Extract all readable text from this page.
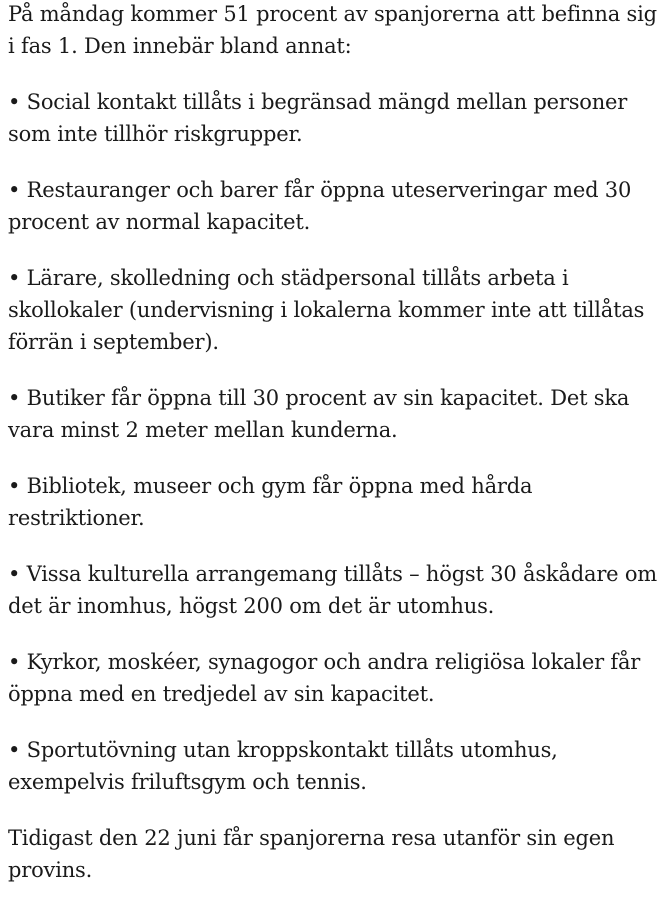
På måndag kommer 51 procent av spanjorerna att befinna sig i fas 1. Den innebär bland annat:

• Social kontakt tillåts i begränsad mängd mellan personer som inte tillhör riskgrupper.

• Restauranger och barer får öppna uteserveringar med 30 procent av normal kapacitet.

• Lärare, skolledning och städpersonal tillåts arbeta i skollokaler (undervisning i lokalerna kommer inte att tillåtas förrän i september).

• Butiker får öppna till 30 procent av sin kapacitet. Det ska vara minst 2 meter mellan kunderna.

• Bibliotek, museer och gym får öppna med hårda restriktioner.

• Vissa kulturella arrangemang tillåts – högst 30 åskådare om det är inomhus, högst 200 om det är utomhus.

• Kyrkor, moskéer, synagogor och andra religiösa lokaler får öppna med en tredjedel av sin kapacitet.

• Sportutövning utan kroppskontakt tillåts utomhus, exempelvis friluftsgym och tennis.

Tidigast den 22 juni får spanjorerna resa utanför sin egen provins.
